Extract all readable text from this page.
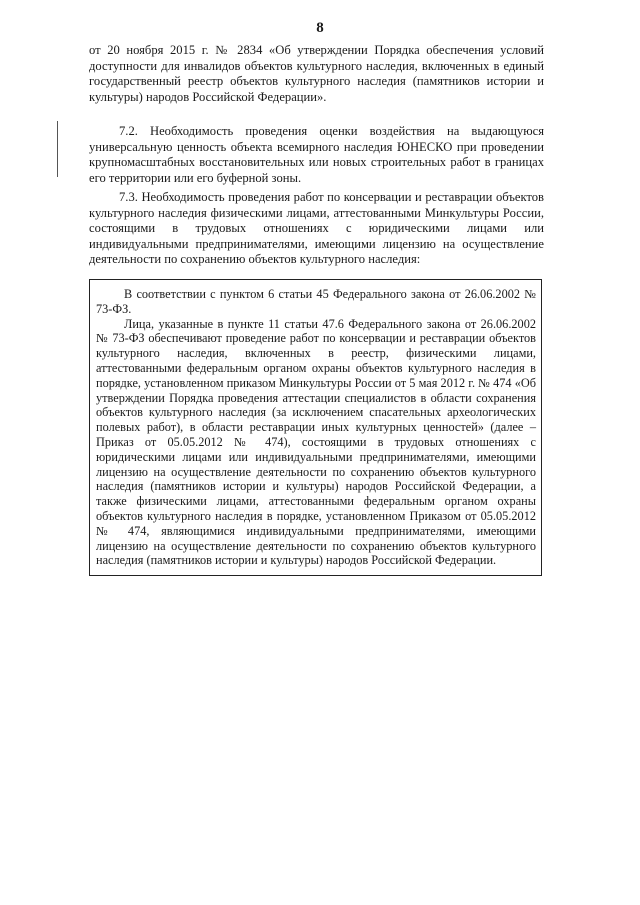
8

от 20 ноября 2015 г. № 2834 «Об утверждении Порядка обеспечения условий доступности для инвалидов объектов культурного наследия, включенных в единый государственный реестр объектов культурного наследия (памятников истории и культуры) народов Российской Федерации».

7.2. Необходимость проведения оценки воздействия на выдающуюся универсальную ценность объекта всемирного наследия ЮНЕСКО при проведении крупномасштабных восстановительных или новых строительных работ в границах его территории или его буферной зоны.

7.3. Необходимость проведения работ по консервации и реставрации объектов культурного наследия физическими лицами, аттестованными Минкультуры России, состоящими в трудовых отношениях с юридическими лицами или индивидуальными предпринимателями, имеющими лицензию на осуществление деятельности по сохранению объектов культурного наследия:

В соответствии с пунктом 6 статьи 45 Федерального закона от 26.06.2002 № 73-ФЗ.

Лица, указанные в пункте 11 статьи 47.6 Федерального закона от 26.06.2002 № 73-ФЗ обеспечивают проведение работ по консервации и реставрации объектов культурного наследия, включенных в реестр, физическими лицами, аттестованными федеральным органом охраны объектов культурного наследия в порядке, установленном приказом Минкультуры России от 5 мая 2012 г. № 474 «Об утверждении Порядка проведения аттестации специалистов в области сохранения объектов культурного наследия (за исключением спасательных археологических полевых работ), в области реставрации иных культурных ценностей» (далее – Приказ от 05.05.2012 № 474), состоящими в трудовых отношениях с юридическими лицами или индивидуальными предпринимателями, имеющими лицензию на осуществление деятельности по сохранению объектов культурного наследия (памятников истории и культуры) народов Российской Федерации, а также физическими лицами, аттестованными федеральным органом охраны объектов культурного наследия в порядке, установленном Приказом от 05.05.2012 № 474, являющимися индивидуальными предпринимателями, имеющими лицензию на осуществление деятельности по сохранению объектов культурного наследия (памятников истории и культуры) народов Российской Федерации.
